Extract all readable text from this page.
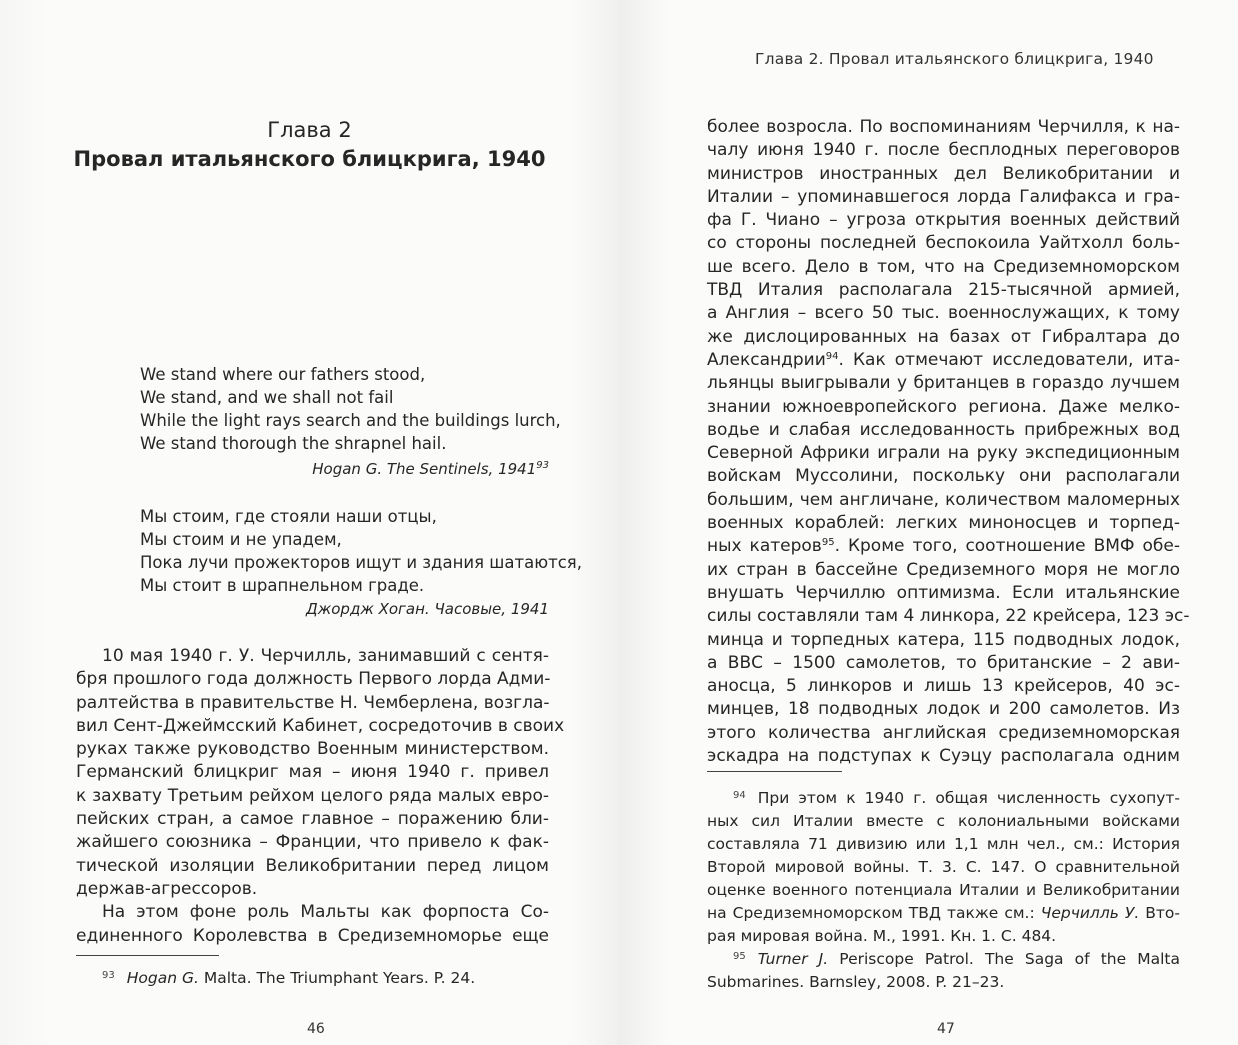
Глава 2
Провал итальянского блицкрига, 1940
We stand where our fathers stood,
We stand, and we shall not fail
While the light rays search and the buildings lurch,
We stand thorough the shrapnel hail.
Hogan G. The Sentinels, 1941$^{93}$
Мы стоим, где стояли наши отцы,
Мы стоим и не упадем,
Пока лучи прожекторов ищут и здания шатаются,
Мы стоит в шрапнельном граде.
Джордж Хоган. Часовые, 1941
10 мая 1940 г. У. Черчилль, занимавший с сентя-
бря прошлого года должность Первого лорда Адми-
ралтейства в правительстве Н. Чемберлена, возгла-
вил Сент-Джеймсский Кабинет, сосредоточив в своих
руках также руководство Военным министерством.
Германский блицкриг мая – июня 1940 г. привел
к захвату Третьим рейхом целого ряда малых евро-
пейских стран, а самое главное – поражению бли-
жайшего союзника – Франции, что привело к фак-
тической изоляции Великобритании перед лицом
держав-агрессоров.
На этом фоне роль Мальты как форпоста Со-
единенного Королевства в Средиземноморье еще
$^{93}$ Hogan G. Malta. The Triumphant Years. P. 24.
46
Глава 2. Провал итальянского блицкрига, 1940
более возросла. По воспоминаниям Черчилля, к на-
чалу июня 1940 г. после бесплодных переговоров
министров иностранных дел Великобритании и
Италии – упоминавшегося лорда Галифакса и гра-
фа Г. Чиано – угроза открытия военных действий
со стороны последней беспокоила Уайтхолл боль-
ше всего. Дело в том, что на Средиземноморском
ТВД Италия располагала 215-тысячной армией,
а Англия – всего 50 тыс. военнослужащих, к тому
же дислоцированных на базах от Гибралтара до
Александрии$^{94}$. Как отмечают исследователи, ита-
льянцы выигрывали у британцев в гораздо лучшем
знании южноевропейского региона. Даже мелко-
водье и слабая исследованность прибрежных вод
Северной Африки играли на руку экспедиционным
войскам Муссолини, поскольку они располагали
большим, чем англичане, количеством маломерных
военных кораблей: легких миноносцев и торпед-
ных катеров$^{95}$. Кроме того, соотношение ВМФ обе-
их стран в бассейне Средиземного моря не могло
внушать Черчиллю оптимизма. Если итальянские
силы составляли там 4 линкора, 22 крейсера, 123 эс-
минца и торпедных катера, 115 подводных лодок,
а ВВС – 1500 самолетов, то британские – 2 ави-
аносца, 5 линкоров и лишь 13 крейсеров, 40 эс-
минцев, 18 подводных лодок и 200 самолетов. Из
этого количества английская средиземноморская
эскадра на подступах к Суэцу располагала одним
$^{94}$ При этом к 1940 г. общая численность сухопут-
ных сил Италии вместе с колониальными войсками
составляла 71 дивизию или 1,1 млн чел., см.: История
Второй мировой войны. Т. 3. С. 147. О сравнительной
оценке военного потенциала Италии и Великобритании
на Средиземноморском ТВД также см.: Черчилль У. Вто-
рая мировая война. М., 1991. Кн. 1. С. 484.
$^{95}$ Turner J. Periscope Patrol. The Saga of the Malta
Submarines. Barnsley, 2008. P. 21–23.
47
